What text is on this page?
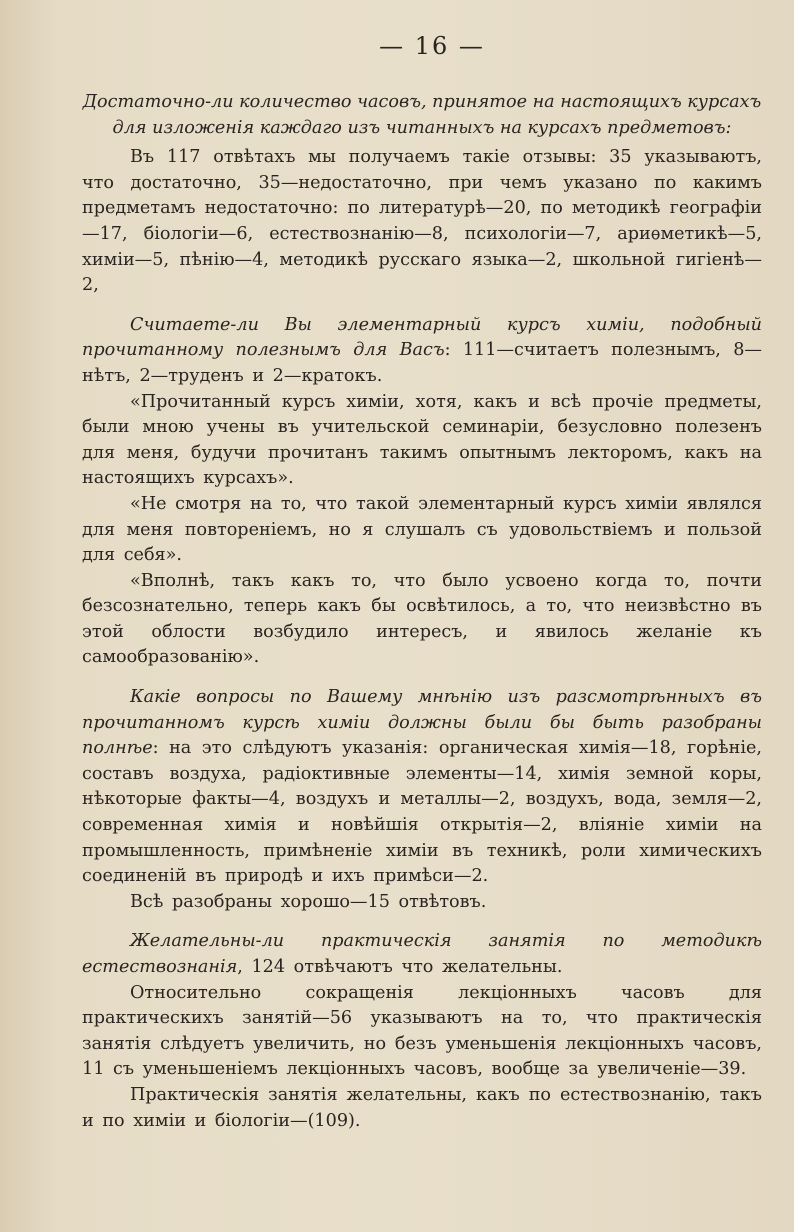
— 16 —

Достаточно-ли количество часовъ, принятое на настоящихъ курсахъ

для изложенія каждаго изъ читанныхъ на курсахъ предметовъ:

Въ 117 отвѣтахъ мы получаемъ такіе отзывы: 35 указываютъ, что достаточно, 35—недостаточно, при чемъ указано по какимъ предметамъ недостаточно: по литературѣ—20, по методикѣ географіи—17, біологіи—6, естествознанію—8, психологіи—7, ариѳметикѣ—5, химіи—5, пѣнію—4, методикѣ русскаго языка—2, школьной гигіенѣ—2,

Считаете-ли Вы элементарный курсъ химіи, подобный прочитанному полезнымъ для Васъ: 111—считаетъ полезнымъ, 8—нѣтъ, 2—труденъ и 2—кратокъ.

«Прочитанный курсъ химіи, хотя, какъ и всѣ прочіе предметы, были мною учены въ учительской семинаріи, безусловно полезенъ для меня, будучи прочитанъ такимъ опытнымъ лекторомъ, какъ на настоящихъ курсахъ».

«Не смотря на то, что такой элементарный курсъ химіи являлся для меня повтореніемъ, но я слушалъ съ удовольствіемъ и пользой для себя».

«Вполнѣ, такъ какъ то, что было усвоено когда то, почти безсознательно, теперь какъ бы освѣтилось, а то, что неизвѣстно въ этой облости возбудило интересъ, и явилось желаніе къ самообразованію».

Какіе вопросы по Вашему мнѣнію изъ разсмотрѣнныхъ въ прочитанномъ курсѣ химіи должны были бы быть разобраны полнѣе: на это слѣдуютъ указанія: органическая химія—18, горѣніе, составъ воздуха, радіоктивные элементы—14, химія земной коры, нѣкоторые факты—4, воздухъ и металлы—2, воздухъ, вода, земля—2, современная химія и новѣйшія открытія—2, вліяніе химіи на промышленность, примѣненіе химіи въ техникѣ, роли химическихъ соединеній въ природѣ и ихъ примѣси—2.

Всѣ разобраны хорошо—15 отвѣтовъ.

Желательны-ли практическія занятія по методикѣ естествознанія, 124 отвѣчаютъ что желательны.

Относительно сокращенія лекціонныхъ часовъ для практическихъ занятій—56 указываютъ на то, что практическія занятія слѣдуетъ увеличить, но безъ уменьшенія лекціонныхъ часовъ, 11 съ уменьшеніемъ лекціонныхъ часовъ, вообще за увеличеніе—39.

Практическія занятія желательны, какъ по естествознанію, такъ и по химіи и біологіи—(109).
